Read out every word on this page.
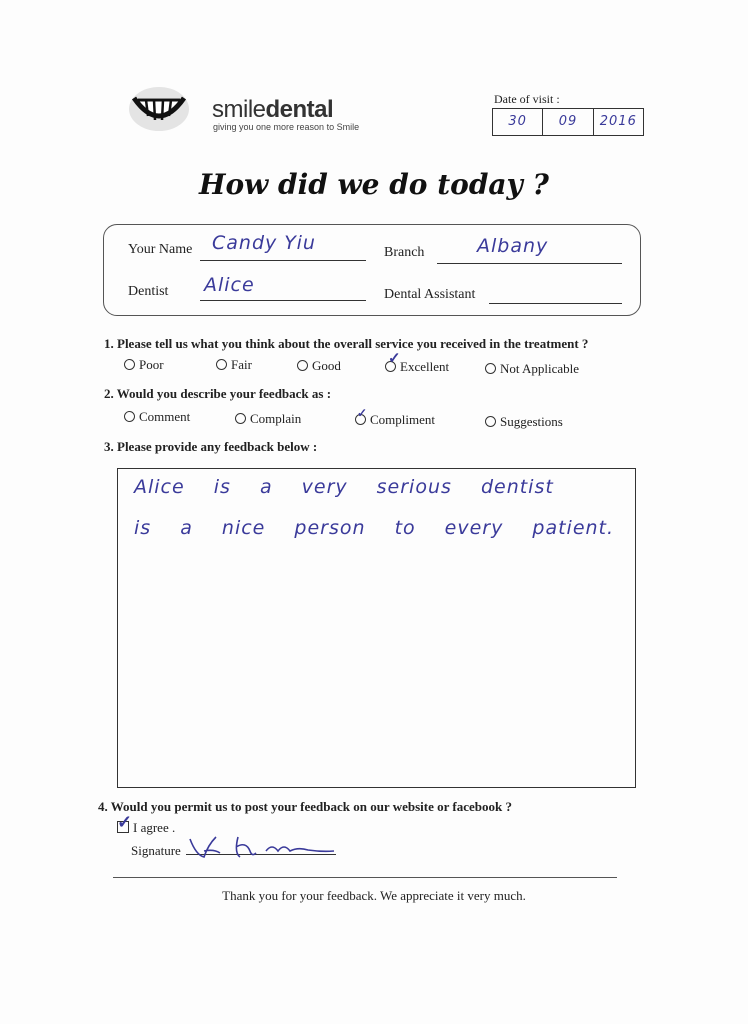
smiledental
giving you one more reason to Smile
Date of visit :
30	09	2016
How did we do today ?
Your Name	Candy Yiu	Branch	Albany
Dentist Alice	Dental Assistant
1. Please tell us what you think about the overall service you received in the treatment ?
Poor	Fair	Good	Excellent
✓
Not Applicable
2. Would you describe your feedback as :
Comment	Complain	Compliment
✓
Suggestions
3. Please provide any feedback below :
Alice is a very serious dentist
is a nice person to every patient.
4. Would you permit us to post your feedback on our website or facebook ?
✓ I agree .
Signature
Thank you for your feedback. We appreciate it very much.
